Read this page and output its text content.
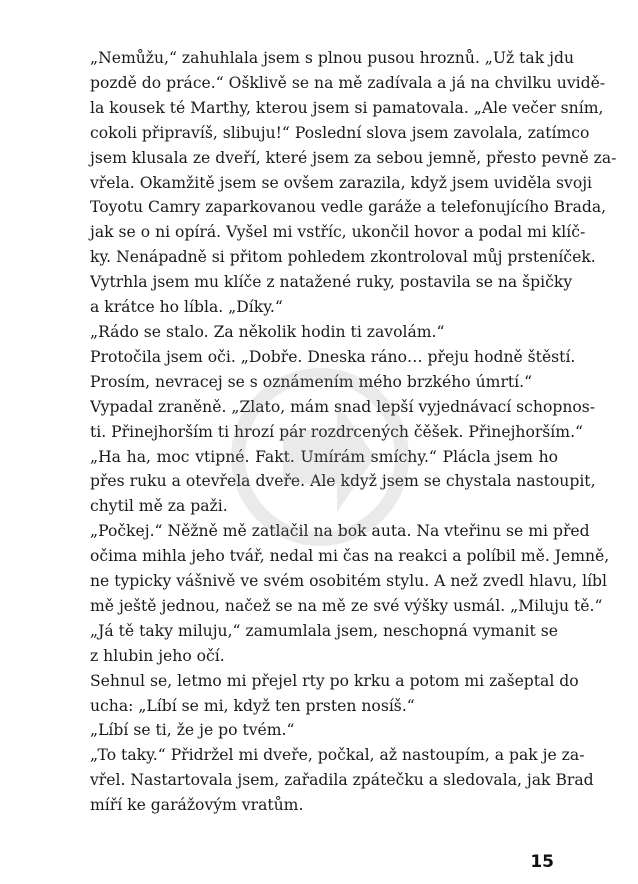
„Nemůžu,“ zahuhlala jsem s plnou pusou hroznů. „Už tak jdu
pozdě do práce.“ Ošklivě se na mě zadívala a já na chvilku uvidě-
la kousek té Marthy, kterou jsem si pamatovala. „Ale večer sním,
cokoli připravíš, slibuju!“ Poslední slova jsem zavolala, zatímco
jsem klusala ze dveří, které jsem za sebou jemně, přesto pevně za-
vřela. Okamžitě jsem se ovšem zarazila, když jsem uviděla svoji
Toyotu Camry zaparkovanou vedle garáže a telefonujícího Brada,
jak se o ni opírá. Vyšel mi vstříc, ukončil hovor a podal mi klíč-
ky. Nenápadně si přitom pohledem zkontroloval můj prsteníček.
Vytrhla jsem mu klíče z natažené ruky, postavila se na špičky
a krátce ho líbla. „Díky.“
„Rádo se stalo. Za několik hodin ti zavolám.“
Protočila jsem oči. „Dobře. Dneska ráno… přeju hodně štěstí.
Prosím, nevracej se s oznámením mého brzkého úmrtí.“
Vypadal zraněně. „Zlato, mám snad lepší vyjednávací schopnos-
ti. Přinejhorším ti hrozí pár rozdrcených čěšek. Přinejhorším.“
„Ha ha, moc vtipné. Fakt. Umírám smíchy.“ Plácla jsem ho
přes ruku a otevřela dveře. Ale když jsem se chystala nastoupit,
chytil mě za paži.
„Počkej.“ Něžně mě zatlačil na bok auta. Na vteřinu se mi před
očima mihla jeho tvář, nedal mi čas na reakci a políbil mě. Jemně,
ne typicky vášnivě ve svém osobitém stylu. A než zvedl hlavu, líbl
mě ještě jednou, načež se na mě ze své výšky usmál. „Miluju tě.“
„Já tě taky miluju,“ zamumlala jsem, neschopná vymanit se
z hlubin jeho očí.
Sehnul se, letmo mi přejel rty po krku a potom mi zašeptal do
ucha: „Líbí se mi, když ten prsten nosíš.“
„Líbí se ti, že je po tvém.“
„To taky.“ Přidržel mi dveře, počkal, až nastoupím, a pak je za-
vřel. Nastartovala jsem, zařadila zpátečku a sledovala, jak Brad
míří ke garážovým vratům.
15
